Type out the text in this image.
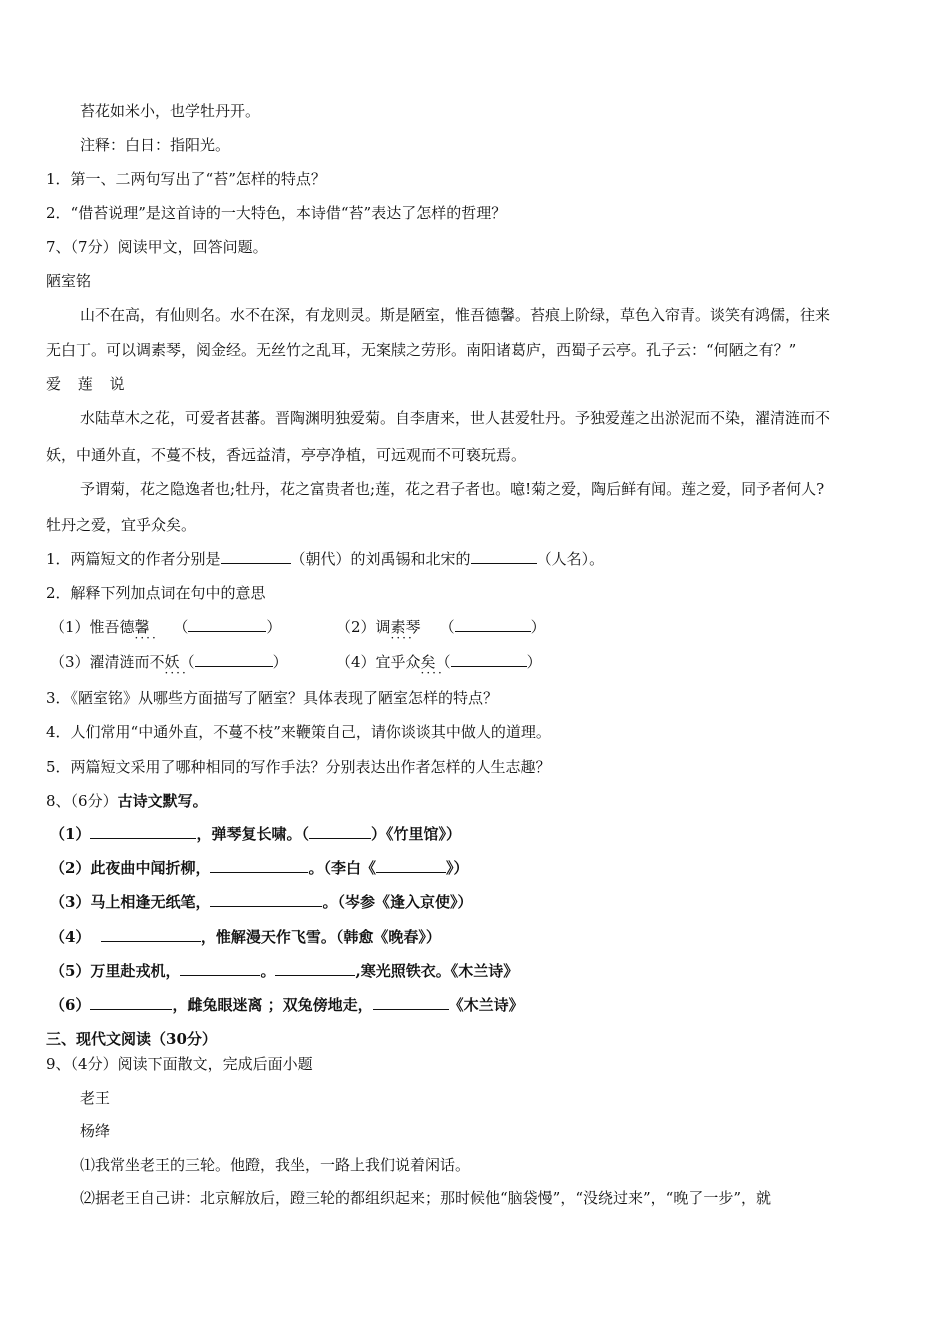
苔花如米小，也学牡丹开。
注释：白日：指阳光。
1．第一、二两句写出了“苔”怎样的特点？
2．“借苔说理”是这首诗的一大特色，本诗借“苔”表达了怎样的哲理？
7、（7分）阅读甲文，回答问题。
陋室铭
山不在高，有仙则名。水不在深，有龙则灵。斯是陋室，惟吾德馨。苔痕上阶绿，草色入帘青。谈笑有鸿儒，往来
无白丁。可以调素琴，阅金经。无丝竹之乱耳，无案牍之劳形。南阳诸葛庐，西蜀子云亭。孔子云：“何陋之有？”
爱 莲 说
水陆草木之花，可爱者甚蕃。晋陶渊明独爱菊。自李唐来，世人甚爱牡丹。予独爱莲之出淤泥而不染，濯清涟而不
妖，中通外直，不蔓不枝，香远益清，亭亭净植，可远观而不可亵玩焉。
予谓菊，花之隐逸者也;牡丹，花之富贵者也;莲，花之君子者也。噫!菊之爱，陶后鲜有闻。莲之爱，同予者何人?
牡丹之爱，宜乎众矣。
1．两篇短文的作者分别是	（朝代）的刘禹锡和北宋的	（人名）。
2．解释下列加点词在句中的意思
（1）惟吾德馨 ···· （	）	（2）调素琴 ···· （	）
（3）濯清涟而不妖 ····（	）	（4）宜乎众矣 ····（	）
3．《陋室铭》从哪些方面描写了陋室？具体表现了陋室怎样的特点？
4．人们常用“中通外直，不蔓不枝”来鞭策自己，请你谈谈其中做人的道理。
5．两篇短文采用了哪种相同的写作手法？分别表达出作者怎样的人生志趣？
8、（6分）古诗文默写。
（1）	，弹琴复长啸。（	）《竹里馆》）
（2）此夜曲中闻折柳，	。（李白《	》）
（3）马上相逢无纸笔，	。（岑参《逢入京使》）
（4）	，惟解漫天作飞雪。（韩愈《晚春》）
（5）万里赴戎机，	。	,寒光照铁衣。《木兰诗》
（6）	，雌兔眼迷离 ；双兔傍地走，	《木兰诗》
三、现代文阅读（30分）
9、（4分）阅读下面散文，完成后面小题
老王
杨绛
⑴我常坐老王的三轮。他蹬，我坐，一路上我们说着闲话。
⑵据老王自己讲：北京解放后，蹬三轮的都组织起来；那时候他“脑袋慢”，“没绕过来”，“晚了一步”，就
